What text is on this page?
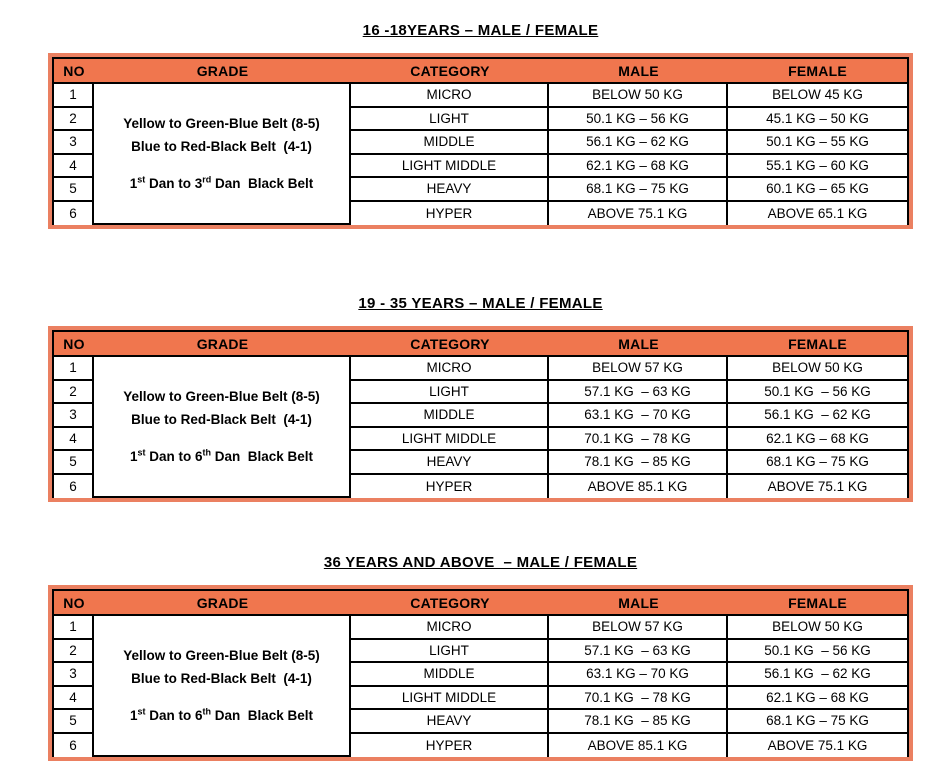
16 -18YEARS – MALE / FEMALE
NO	GRADE	CATEGORY	MALE	FEMALE
Yellow to Green-Blue Belt (8-5)
Blue to Red-Black Belt  (4-1)
1st Dan to 3rd Dan  Black Belt
1	MICRO	BELOW 50 KG	BELOW 45 KG
2	LIGHT	50.1 KG – 56 KG	45.1 KG – 50 KG
3	MIDDLE	56.1 KG – 62 KG	50.1 KG – 55 KG
4	LIGHT MIDDLE	62.1 KG – 68 KG	55.1 KG – 60 KG
5	HEAVY	68.1 KG – 75 KG	60.1 KG – 65 KG
6	HYPER	ABOVE 75.1 KG	ABOVE 65.1 KG
19 - 35 YEARS – MALE / FEMALE
NO	GRADE	CATEGORY	MALE	FEMALE
Yellow to Green-Blue Belt (8-5)
Blue to Red-Black Belt  (4-1)
1st Dan to 6th Dan  Black Belt
1	MICRO	BELOW 57 KG	BELOW 50 KG
2	LIGHT	57.1 KG  – 63 KG	50.1 KG  – 56 KG
3	MIDDLE	63.1 KG  – 70 KG	56.1 KG  – 62 KG
4	LIGHT MIDDLE	70.1 KG  – 78 KG	62.1 KG – 68 KG
5	HEAVY	78.1 KG  – 85 KG	68.1 KG – 75 KG
6	HYPER	ABOVE 85.1 KG	ABOVE 75.1 KG
36 YEARS AND ABOVE  – MALE / FEMALE
NO	GRADE	CATEGORY	MALE	FEMALE
Yellow to Green-Blue Belt (8-5)
Blue to Red-Black Belt  (4-1)
1st Dan to 6th Dan  Black Belt
1	MICRO	BELOW 57 KG	BELOW 50 KG
2	LIGHT	57.1 KG  – 63 KG	50.1 KG  – 56 KG
3	MIDDLE	63.1 KG – 70 KG	56.1 KG  – 62 KG
4	LIGHT MIDDLE	70.1 KG  – 78 KG	62.1 KG – 68 KG
5	HEAVY	78.1 KG  – 85 KG	68.1 KG – 75 KG
6	HYPER	ABOVE 85.1 KG	ABOVE 75.1 KG
